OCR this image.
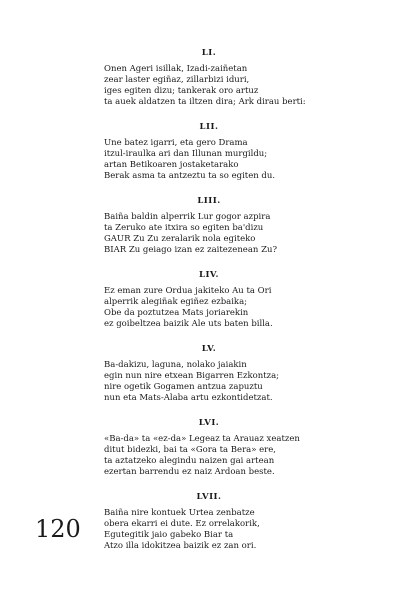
LI.
Onen Ageri isillak, Izadi-zaiñetan
zear laster egiñaz, zillarbizi iduri,
iges egiten dizu; tankerak oro artuz
ta auek aldatzen ta iltzen dira; Ark dirau berti:
LII.
Une batez igarri, eta gero Drama
itzul-iraulka ari dan Illunan murgildu;
artan Betikoaren jostaketarako
Berak asma ta antzeztu ta so egiten du.
LIII.
Baiña baldin alperrik Lur gogor azpira
ta Zeruko ate itxira so egiten ba'dizu
GAUR Zu Zu zeralarik nola egiteko
BIAR Zu geiago izan ez zaitezenean Zu?
LIV.
Ez eman zure Ordua jakiteko Au ta Ori
alperrik alegiñak egiñez ezbaika;
Obe da poztutzea Mats joriarekin
ez goibeltzea baizik Ale uts baten billa.
LV.
Ba-dakizu, laguna, nolako jaiakin
egin nun nire etxean Bigarren Ezkontza;
nire ogetik Gogamen antzua zapuztu
nun eta Mats-Alaba artu ezkontidetzat.
LVI.
«Ba-da» ta «ez-da» Legeaz ta Arauaz xeatzen
ditut bidezki, bai ta «Gora ta Bera» ere,
ta aztatzeko alegindu naizen gai artean
ezertan barrendu ez naiz Ardoan beste.
LVII.
Baiña nire kontuek Urtea zenbatze
obera ekarri ei dute. Ez orrelakorik,
Egutegitik jaio gabeko Biar ta
Atzo illa idokitzea baizik ez zan ori.
120
